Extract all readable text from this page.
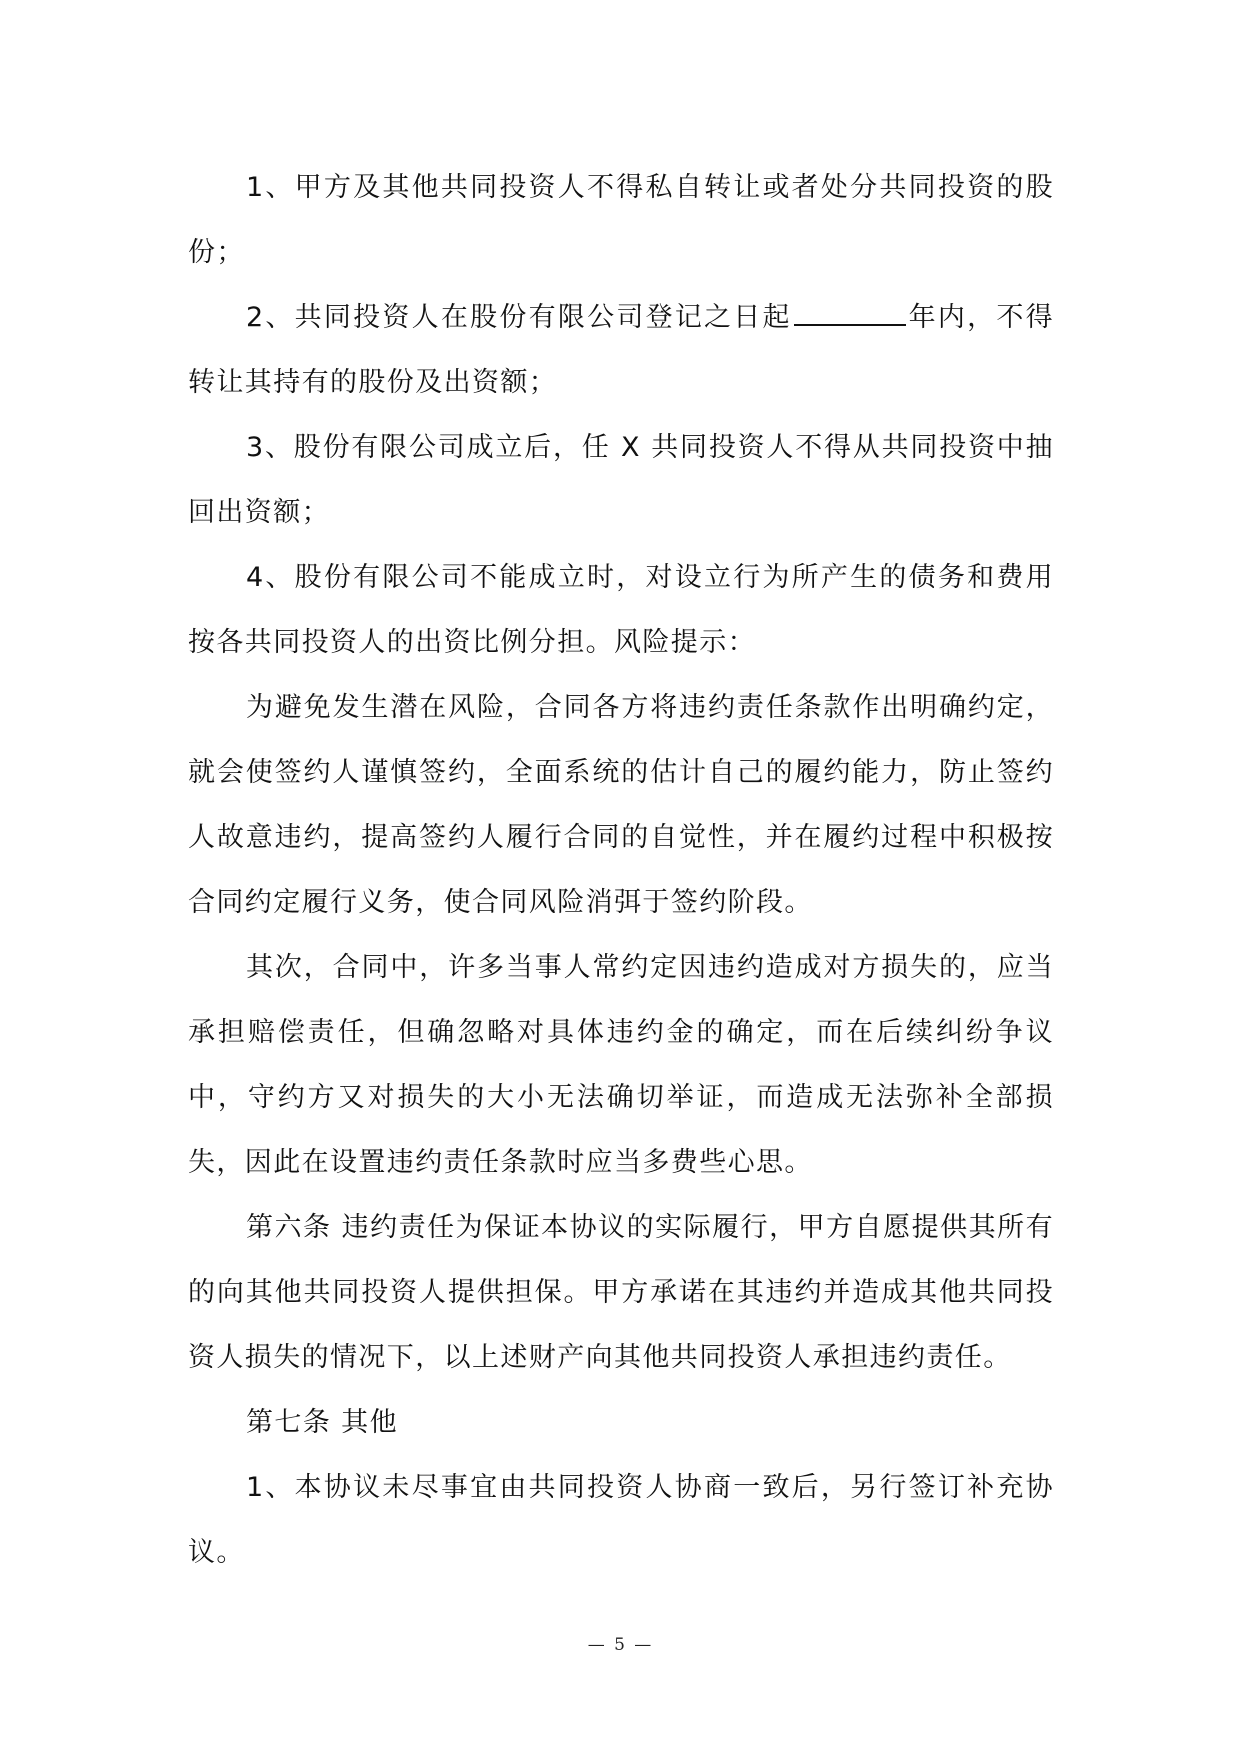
1、甲方及其他共同投资人不得私自转让或者处分共同投资的股份；

2、共同投资人在股份有限公司登记之日起	年内，不得转让其持有的股份及出资额；

3、股份有限公司成立后，任 X 共同投资人不得从共同投资中抽回出资额；

4、股份有限公司不能成立时，对设立行为所产生的债务和费用按各共同投资人的出资比例分担。风险提示：

为避免发生潜在风险，合同各方将违约责任条款作出明确约定，就会使签约人谨慎签约，全面系统的估计自己的履约能力，防止签约人故意违约，提高签约人履行合同的自觉性，并在履约过程中积极按合同约定履行义务，使合同风险消弭于签约阶段。

其次，合同中，许多当事人常约定因违约造成对方损失的，应当承担赔偿责任，但确忽略对具体违约金的确定，而在后续纠纷争议中，守约方又对损失的大小无法确切举证，而造成无法弥补全部损失，因此在设置违约责任条款时应当多费些心思。

第六条 违约责任为保证本协议的实际履行，甲方自愿提供其所有的向其他共同投资人提供担保。甲方承诺在其违约并造成其他共同投资人损失的情况下，以上述财产向其他共同投资人承担违约责任。

第七条 其他

1、本协议未尽事宜由共同投资人协商一致后，另行签订补充协议。

— 5 —
